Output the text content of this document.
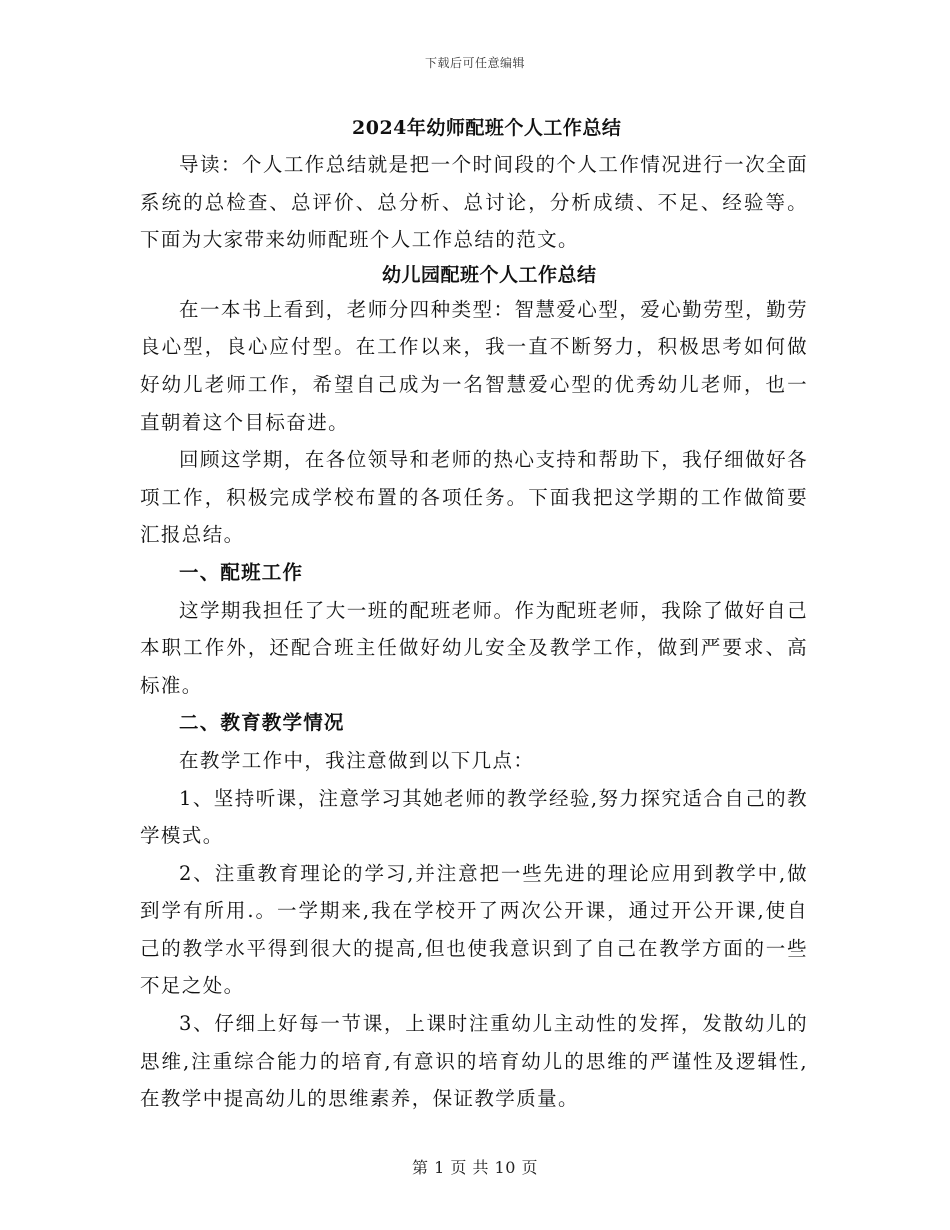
下载后可任意编辑
2024年幼师配班个人工作总结

导读：个人工作总结就是把一个时间段的个人工作情况进行一次全面系统的总检查、总评价、总分析、总讨论，分析成绩、不足、经验等。下面为大家带来幼师配班个人工作总结的范文。

幼儿园配班个人工作总结

在一本书上看到，老师分四种类型：智慧爱心型，爱心勤劳型，勤劳良心型，良心应付型。在工作以来，我一直不断努力，积极思考如何做好幼儿老师工作，希望自己成为一名智慧爱心型的优秀幼儿老师，也一直朝着这个目标奋进。

回顾这学期，在各位领导和老师的热心支持和帮助下，我仔细做好各项工作，积极完成学校布置的各项任务。下面我把这学期的工作做简要汇报总结。

一、配班工作

这学期我担任了大一班的配班老师。作为配班老师，我除了做好自己本职工作外，还配合班主任做好幼儿安全及教学工作，做到严要求、高标准。

二、教育教学情况

在教学工作中，我注意做到以下几点：

1、坚持听课，注意学习其她老师的教学经验,努力探究适合自己的教学模式。

2、注重教育理论的学习,并注意把一些先进的理论应用到教学中,做到学有所用.。一学期来,我在学校开了两次公开课，通过开公开课,使自己的教学水平得到很大的提高,但也使我意识到了自己在教学方面的一些不足之处。

3、仔细上好每一节课，上课时注重幼儿主动性的发挥，发散幼儿的思维,注重综合能力的培育,有意识的培育幼儿的思维的严谨性及逻辑性,在教学中提高幼儿的思维素养，保证教学质量。

第 1 页 共 10 页
